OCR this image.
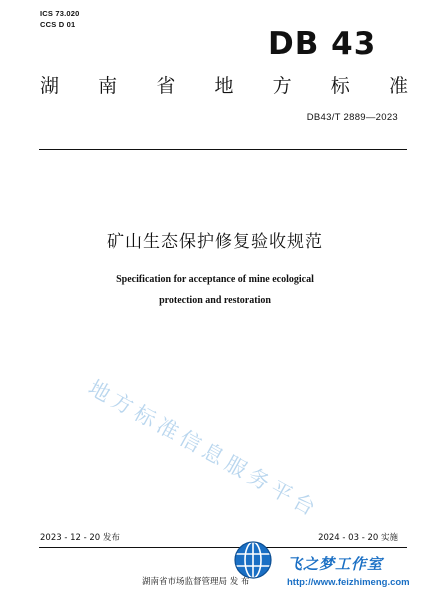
ICS 73.020
CCS D 01
DB 43
湖 南 省 地 方 标 准
DB43/T 2889—2023
矿山生态保护修复验收规范
Specification for acceptance of mine ecological
protection and restoration
地方标准信息服务平台
2023 - 12 - 20 发布	2024 - 03 - 20 实施
湖南省市场监督管理局 发 布
飞之梦工作室
http://www.feizhimeng.com
